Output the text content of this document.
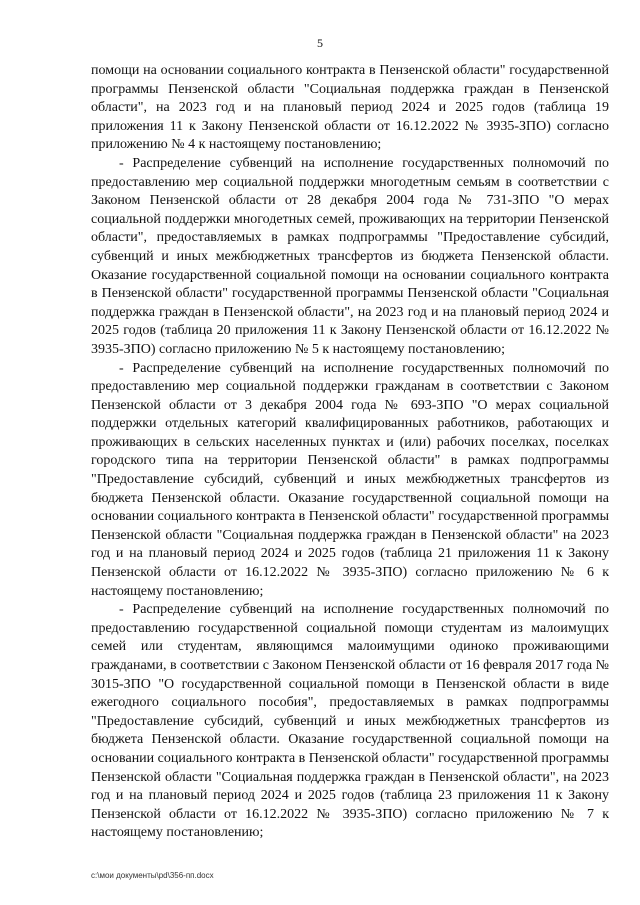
5

помощи на основании социального контракта в Пензенской области" государственной программы Пензенской области "Социальная поддержка граждан в Пензенской области", на 2023 год и на плановый период 2024 и 2025 годов (таблица 19 приложения 11 к Закону Пензенской области от 16.12.2022 № 3935-ЗПО) согласно приложению № 4 к настоящему постановлению;

- Распределение субвенций на исполнение государственных полномочий по предоставлению мер социальной поддержки многодетным семьям в соответствии с Законом Пензенской области от 28 декабря 2004 года № 731-ЗПО "О мерах социальной поддержки многодетных семей, проживающих на территории Пензенской области", предоставляемых в рамках подпрограммы "Предоставление субсидий, субвенций и иных межбюджетных трансфертов из бюджета Пензенской области. Оказание государственной социальной помощи на основании социального контракта в Пензенской области" государственной программы Пензенской области "Социальная поддержка граждан в Пензенской области", на 2023 год и на плановый период 2024 и 2025 годов (таблица 20 приложения 11 к Закону Пензенской области от 16.12.2022 № 3935-ЗПО) согласно приложению № 5 к настоящему постановлению;

- Распределение субвенций на исполнение государственных полномочий по предоставлению мер социальной поддержки гражданам в соответствии с Законом Пензенской области от 3 декабря 2004 года № 693-ЗПО "О мерах социальной поддержки отдельных категорий квалифицированных работников, работающих и проживающих в сельских населенных пунктах и (или) рабочих поселках, поселках городского типа на территории Пензенской области" в рамках подпрограммы "Предоставление субсидий, субвенций и иных межбюджетных трансфертов из бюджета Пензенской области. Оказание государственной социальной помощи на основании социального контракта в Пензенской области" государственной программы Пензенской области "Социальная поддержка граждан в Пензенской области" на 2023 год и на плановый период 2024 и 2025 годов (таблица 21 приложения 11 к Закону Пензенской области от 16.12.2022 № 3935-ЗПО) согласно приложению № 6 к настоящему постановлению;

- Распределение субвенций на исполнение государственных полномочий по предоставлению государственной социальной помощи студентам из малоимущих семей или студентам, являющимся малоимущими одиноко проживающими гражданами, в соответствии с Законом Пензенской области от 16 февраля 2017 года № 3015-ЗПО "О государственной социальной помощи в Пензенской области в виде ежегодного социального пособия", предоставляемых в рамках подпрограммы "Предоставление субсидий, субвенций и иных межбюджетных трансфертов из бюджета Пензенской области. Оказание государственной социальной помощи на основании социального контракта в Пензенской области" государственной программы Пензенской области "Социальная поддержка граждан в Пензенской области", на 2023 год и на плановый период 2024 и 2025 годов (таблица 23 приложения 11 к Закону Пензенской области от 16.12.2022 № 3935-ЗПО) согласно приложению № 7 к настоящему постановлению;

c:\мои документы\pd\356-пп.docx
